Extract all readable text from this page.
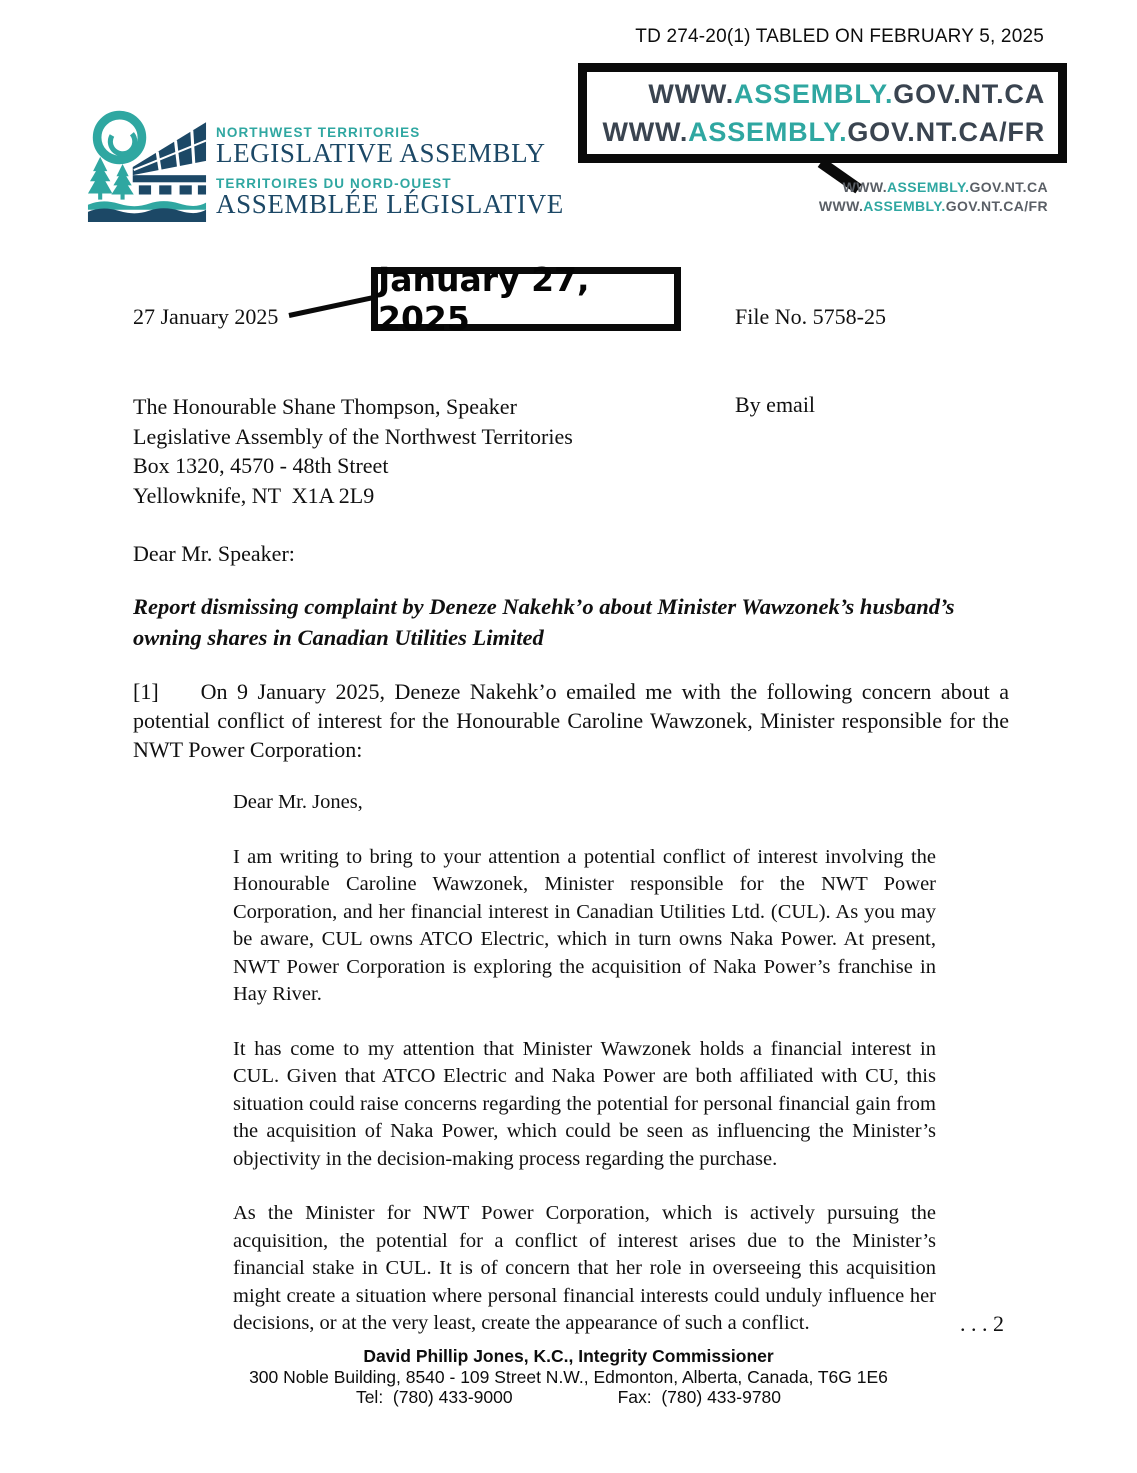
TD 274-20(1) TABLED ON FEBRUARY 5, 2025
NORTHWEST TERRITORIES
LEGISLATIVE ASSEMBLY
TERRITOIRES DU NORD-OUEST
ASSEMBLÉE LÉGISLATIVE
WWW.ASSEMBLY.GOV.NT.CA
WWW.ASSEMBLY.GOV.NT.CA/FR
WWW.ASSEMBLY.GOV.NT.CA
WWW.ASSEMBLY.GOV.NT.CA/FR
27 January 2025
January 27, 2025	File No. 5758-25
The Honourable Shane Thompson, Speaker
Legislative Assembly of the Northwest Territories
Box 1320, 4570 - 48th Street
Yellowknife, NT  X1A 2L9
By email
Dear Mr. Speaker:
Report dismissing complaint by Deneze Nakehk’o about Minister Wawzonek’s husband’s owning shares in Canadian Utilities Limited
[1] On 9 January 2025, Deneze Nakehk’o emailed me with the following concern about a potential conflict of interest for the Honourable Caroline Wawzonek, Minister responsible for the NWT Power Corporation:

Dear Mr. Jones,

I am writing to bring to your attention a potential conflict of interest involving the Honourable Caroline Wawzonek, Minister responsible for the NWT Power Corporation, and her financial interest in Canadian Utilities Ltd. (CUL). As you may be aware, CUL owns ATCO Electric, which in turn owns Naka Power. At present, NWT Power Corporation is exploring the acquisition of Naka Power’s franchise in Hay River.

It has come to my attention that Minister Wawzonek holds a financial interest in CUL. Given that ATCO Electric and Naka Power are both affiliated with CU, this situation could raise concerns regarding the potential for personal financial gain from the acquisition of Naka Power, which could be seen as influencing the Minister’s objectivity in the decision-making process regarding the purchase.

As the Minister for NWT Power Corporation, which is actively pursuing the acquisition, the potential for a conflict of interest arises due to the Minister’s financial stake in CUL. It is of concern that her role in overseeing this acquisition might create a situation where personal financial interests could unduly influence her decisions, or at the very least, create the appearance of such a conflict.	. . . 2
David Phillip Jones, K.C., Integrity Commissioner
300 Noble Building, 8540 - 109 Street N.W., Edmonton, Alberta, Canada, T6G 1E6
Tel:  (780) 433-9000	Fax:  (780) 433-9780
